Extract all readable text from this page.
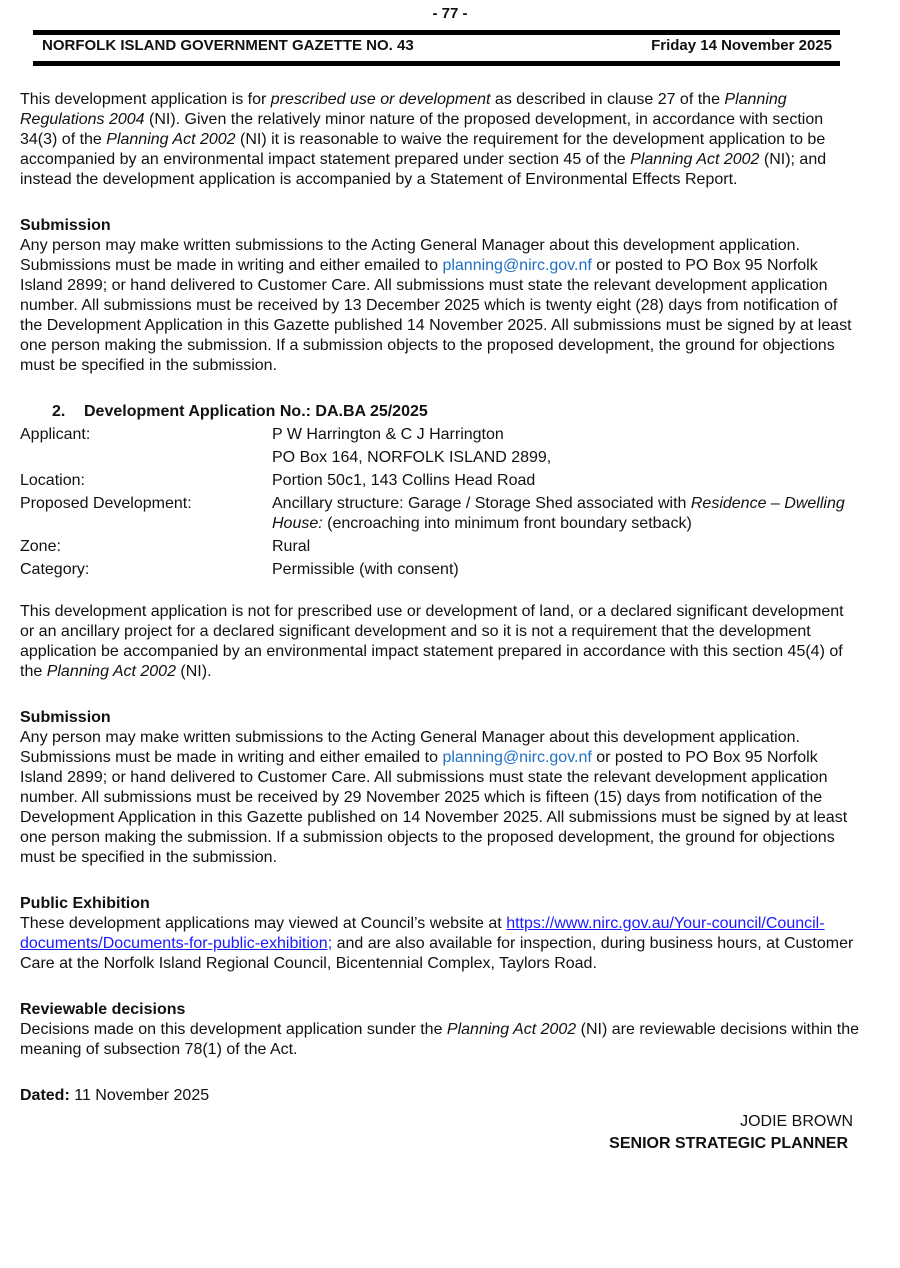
- 77 -
NORFOLK ISLAND GOVERNMENT GAZETTE NO. 43	Friday 14 November 2025

This development application is for prescribed use or development as described in clause 27 of the Planning Regulations 2004 (NI). Given the relatively minor nature of the proposed development, in accordance with section 34(3) of the Planning Act 2002 (NI) it is reasonable to waive the requirement for the development application to be accompanied by an environmental impact statement prepared under section 45 of the Planning Act 2002 (NI); and instead the development application is accompanied by a Statement of Environmental Effects Report.

Submission

Any person may make written submissions to the Acting General Manager about this development application. Submissions must be made in writing and either emailed to planning@nirc.gov.nf or posted to PO Box 95 Norfolk Island 2899; or hand delivered to Customer Care. All submissions must state the relevant development application number. All submissions must be received by 13 December 2025 which is twenty eight (28) days from notification of the Development Application in this Gazette published 14 November 2025. All submissions must be signed by at least one person making the submission. If a submission objects to the proposed development, the ground for objections must be specified in the submission.

2. Development Application No.: DA.BA 25/2025

Applicant:	P W Harrington & C J Harrington
PO Box 164, NORFOLK ISLAND 2899,
Location:	Portion 50c1, 143 Collins Head Road
Proposed Development:	Ancillary structure: Garage / Storage Shed associated with Residence – Dwelling House: (encroaching into minimum front boundary setback)
Zone:	Rural
Category:	Permissible (with consent)

This development application is not for prescribed use or development of land, or a declared significant development or an ancillary project for a declared significant development and so it is not a requirement that the development application be accompanied by an environmental impact statement prepared in accordance with this section 45(4) of the Planning Act 2002 (NI).

Submission

Any person may make written submissions to the Acting General Manager about this development application. Submissions must be made in writing and either emailed to planning@nirc.gov.nf or posted to PO Box 95 Norfolk Island 2899; or hand delivered to Customer Care. All submissions must state the relevant development application number. All submissions must be received by 29 November 2025 which is fifteen (15) days from notification of the Development Application in this Gazette published on 14 November 2025. All submissions must be signed by at least one person making the submission. If a submission objects to the proposed development, the ground for objections must be specified in the submission.

Public Exhibition

These development applications may viewed at Council’s website at https://www.nirc.gov.au/Your-council/Council-documents/Documents-for-public-exhibition; and are also available for inspection, during business hours, at Customer Care at the Norfolk Island Regional Council, Bicentennial Complex, Taylors Road.

Reviewable decisions

Decisions made on this development application sunder the Planning Act 2002 (NI) are reviewable decisions within the meaning of subsection 78(1) of the Act.

Dated: 11 November 2025

JODIE BROWN
SENIOR STRATEGIC PLANNER
